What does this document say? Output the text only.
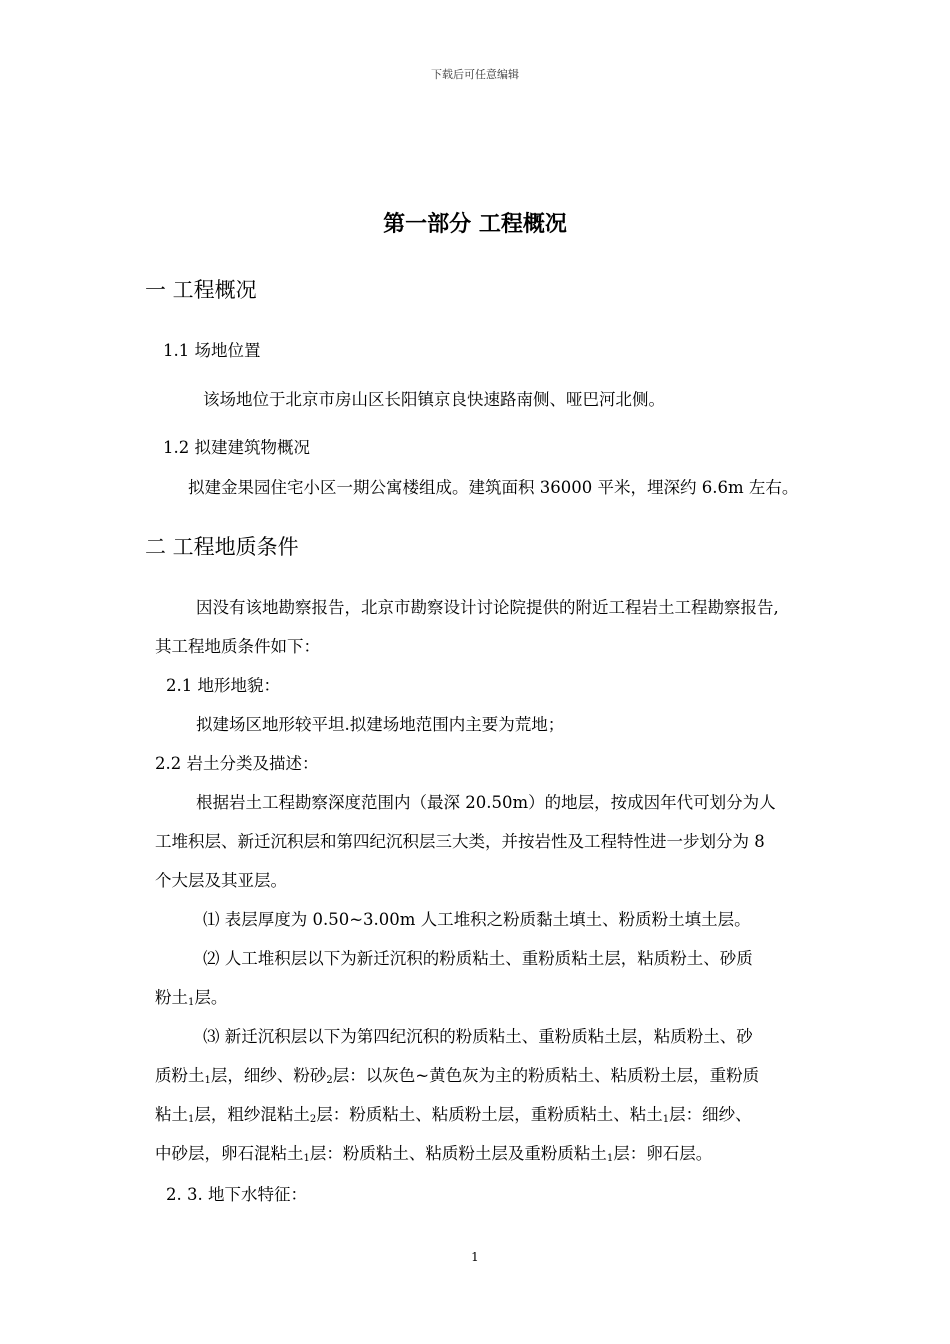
下载后可任意编辑
第一部分 工程概况
一 工程概况
1.1 场地位置
该场地位于北京市房山区长阳镇京良快速路南侧、哑巴河北侧。
1.2 拟建建筑物概况
拟建金果园住宅小区一期公寓楼组成。建筑面积 36000 平米，埋深约 6.6m 左右。
二 工程地质条件
因没有该地勘察报告，北京市勘察设计讨论院提供的附近工程岩土工程勘察报告,
其工程地质条件如下：
2.1 地形地貌：
拟建场区地形较平坦.拟建场地范围内主要为荒地；
2.2 岩土分类及描述：
根据岩土工程勘察深度范围内（最深 20.50m）的地层，按成因年代可划分为人
工堆积层、新迁沉积层和第四纪沉积层三大类，并按岩性及工程特性进一步划分为 8
个大层及其亚层。
⑴ 表层厚度为 0.50~3.00m 人工堆积之粉质黏土填土、粉质粉土填土层。
⑵ 人工堆积层以下为新迁沉积的粉质粘土、重粉质粘土层，粘质粉土、砂质
粉土$_1$层。
⑶ 新迁沉积层以下为第四纪沉积的粉质粘土、重粉质粘土层，粘质粉土、砂
质粉土$_1$层，细纱、粉砂$_2$层：以灰色~黄色灰为主的粉质粘土、粘质粉土层，重粉质
粘土$_1$层，粗纱混粘土$_2$层：粉质粘土、粘质粉土层，重粉质粘土、粘土$_1$层：细纱、
中砂层，卵石混粘土$_1$层：粉质粘土、粘质粉土层及重粉质粘土$_1$层：卵石层。
2. 3. 地下水特征：
1
